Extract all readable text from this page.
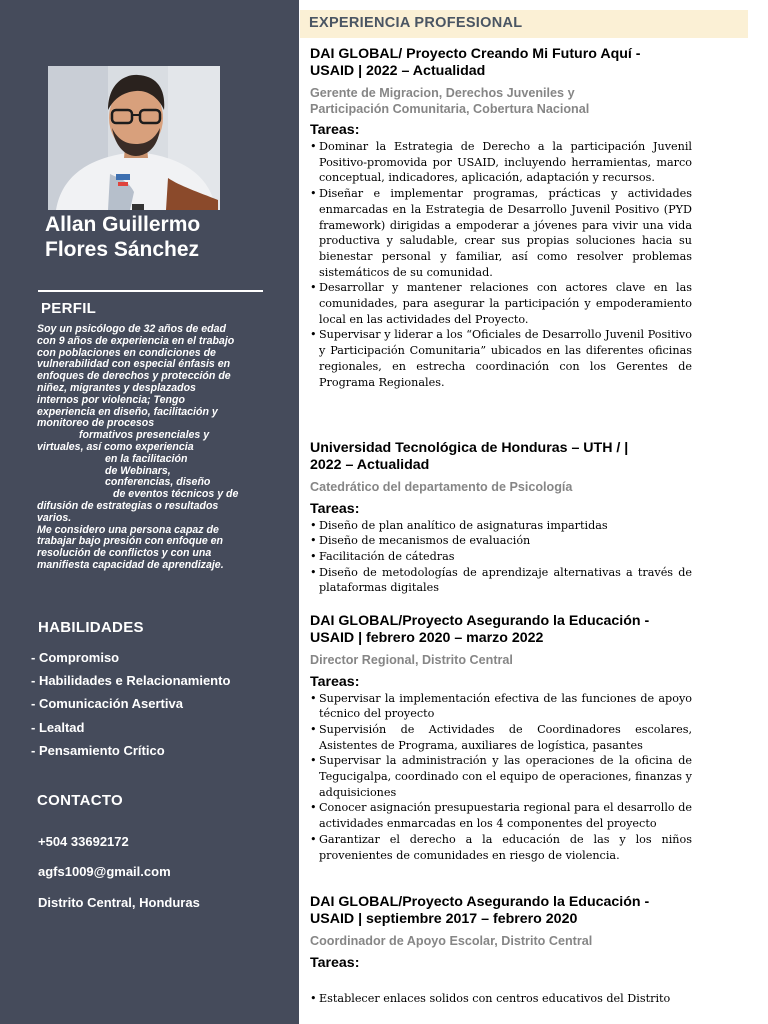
Allan Guillermo
Flores Sánchez
PERFIL

Soy un psicólogo de 32 años de edad
con 9 años de experiencia en el trabajo
con poblaciones en condiciones de
vulnerabilidad con especial énfasis en
enfoques de derechos y protección de
niñez, migrantes y desplazados
internos por violencia; Tengo
experiencia en diseño, facilitación y
monitoreo de procesos
formativos presenciales y
virtuales, así como experiencia
en la facilitación
de Webinars,
conferencias, diseño
de eventos técnicos y de
difusión de estrategias o resultados
varios.
Me considero una persona capaz de
trabajar bajo presión con enfoque en
resolución de conflictos y con una
manifiesta capacidad de aprendizaje.

HABILIDADES
- Compromiso
- Habilidades e Relacionamiento
- Comunicación Asertiva
- Lealtad
- Pensamiento Crítico
CONTACTO

+504 33692172

agfs1009@gmail.com

Distrito Central, Honduras

EXPERIENCIA PROFESIONAL
DAI GLOBAL/ Proyecto Creando Mi Futuro Aquí -
USAID | 2022 – Actualidad

Gerente de Migracion, Derechos Juveniles y
Participación Comunitaria, Cobertura Nacional

Tareas:

• Dominar la Estrategia de Derecho a la participación Juvenil Positivo-promovida por USAID, incluyendo herramientas, marco conceptual, indicadores, aplicación, adaptación y recursos.
• Diseñar e implementar programas, prácticas y actividades enmarcadas en la Estrategia de Desarrollo Juvenil Positivo (PYD framework) dirigidas a empoderar a jóvenes para vivir una vida productiva y saludable, crear sus propias soluciones hacia su bienestar personal y familiar, así como resolver problemas sistemáticos de su comunidad.
• Desarrollar y mantener relaciones con actores clave en las comunidades, para asegurar la participación y empoderamiento local en las actividades del Proyecto.
• Supervisar y liderar a los “Oficiales de Desarrollo Juvenil Positivo y Participación Comunitaria” ubicados en las diferentes oficinas regionales, en estrecha coordinación con los Gerentes de Programa Regionales.
Universidad Tecnológica de Honduras – UTH / |
2022 – Actualidad

Catedrático del departamento de Psicología

Tareas:

• Diseño de plan analítico de asignaturas impartidas
• Diseño de mecanismos de evaluación
• Facilitación de cátedras
• Diseño de metodologías de aprendizaje alternativas a través de plataformas digitales
DAI GLOBAL/Proyecto Asegurando la Educación -
USAID | febrero 2020 – marzo 2022

Director Regional, Distrito Central

Tareas:

• Supervisar la implementación efectiva de las funciones de apoyo técnico del proyecto
• Supervisión de Actividades de Coordinadores escolares, Asistentes de Programa, auxiliares de logística, pasantes
• Supervisar la administración y las operaciones de la oficina de Tegucigalpa, coordinado con el equipo de operaciones, finanzas y adquisiciones
• Conocer asignación presupuestaria regional para el desarrollo de actividades enmarcadas en los 4 componentes del proyecto
• Garantizar el derecho a la educación de las y los niños provenientes de comunidades en riesgo de violencia.
DAI GLOBAL/Proyecto Asegurando la Educación -
USAID | septiembre 2017 – febrero 2020

Coordinador de Apoyo Escolar, Distrito Central

Tareas:

• Establecer enlaces solidos con centros educativos del Distrito
